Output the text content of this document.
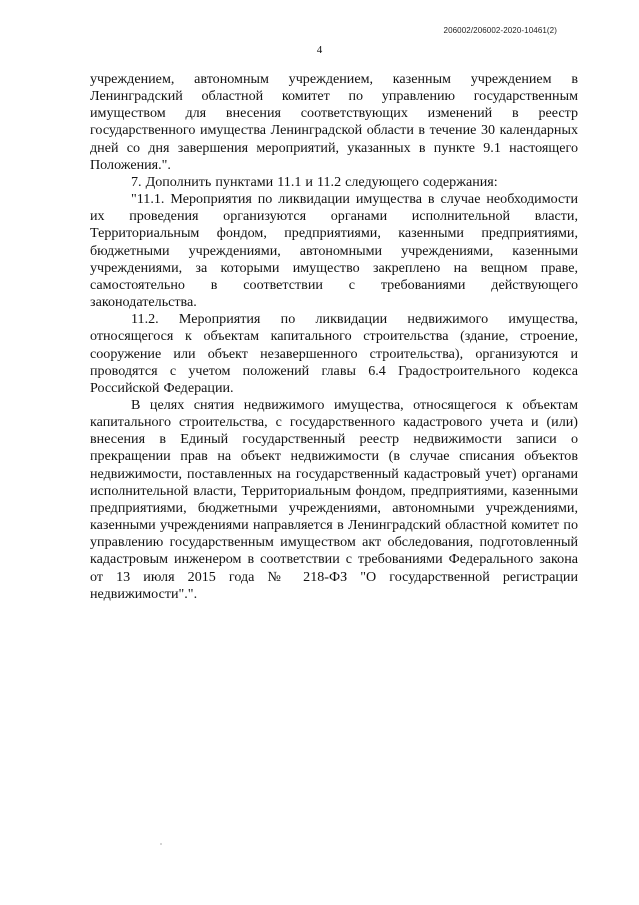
206002/206002-2020-10461(2)
4

учреждением, автономным учреждением, казенным учреждением в Ленинградский областной комитет по управлению государственным имуществом для внесения соответствующих изменений в реестр государственного имущества Ленинградской области в течение 30 календарных дней со дня завершения мероприятий, указанных в пункте 9.1 настоящего Положения.".

7. Дополнить пунктами 11.1 и 11.2 следующего содержания:

"11.1. Мероприятия по ликвидации имущества в случае необходимости их проведения организуются органами исполнительной власти, Территориальным фондом, предприятиями, казенными предприятиями, бюджетными учреждениями, автономными учреждениями, казенными учреждениями, за которыми имущество закреплено на вещном праве, самостоятельно в соответствии с требованиями действующего законодательства.

11.2. Мероприятия по ликвидации недвижимого имущества, относящегося к объектам капитального строительства (здание, строение, сооружение или объект незавершенного строительства), организуются и проводятся с учетом положений главы 6.4 Градостроительного кодекса Российской Федерации.

В целях снятия недвижимого имущества, относящегося к объектам капитального строительства, с государственного кадастрового учета и (или) внесения в Единый государственный реестр недвижимости записи о прекращении прав на объект недвижимости (в случае списания объектов недвижимости, поставленных на государственный кадастровый учет) органами исполнительной власти, Территориальным фондом, предприятиями, казенными предприятиями, бюджетными учреждениями, автономными учреждениями, казенными учреждениями направляется в Ленинградский областной комитет по управлению государственным имуществом акт обследования, подготовленный кадастровым инженером в соответствии с требованиями Федерального закона от 13 июля 2015 года № 218-ФЗ "О государственной регистрации недвижимости".".
